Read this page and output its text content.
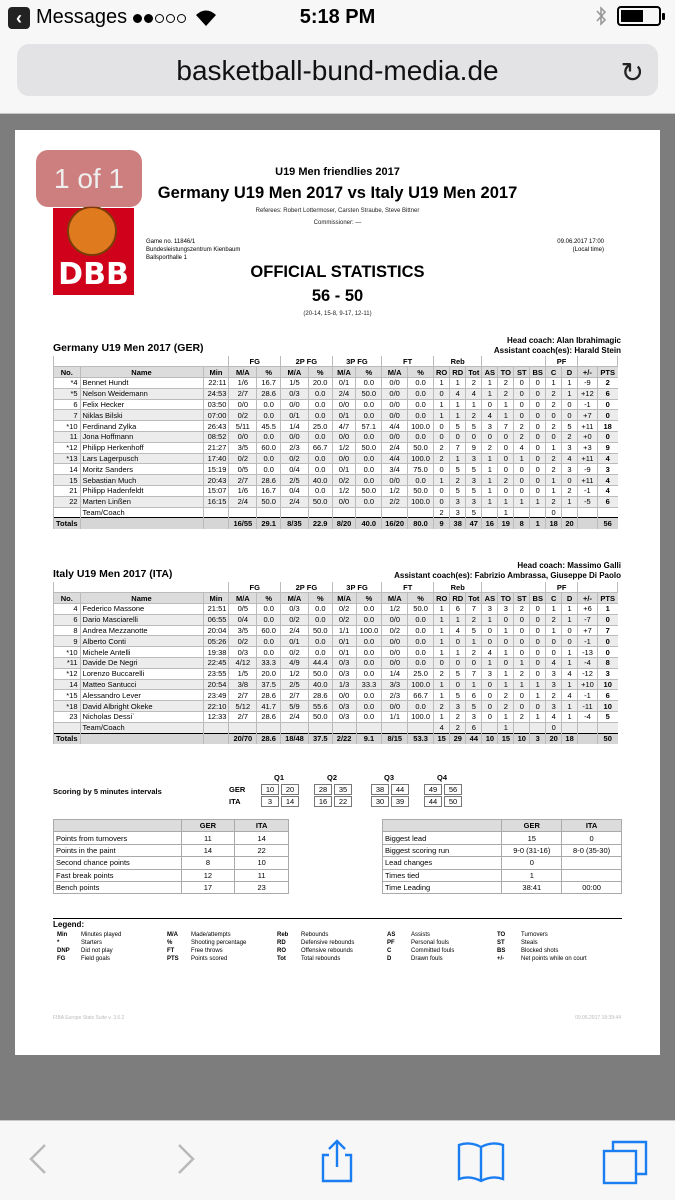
‹ Messages	5:18 PM
basketball-bund-media.de	↻
DBB
1 of 1	U19 Men friendlies 2017
Germany U19 Men 2017 vs Italy U19 Men 2017
Referees: Robert Lottermoser, Carsten Straube, Steve Bittner
Commissioner: —
Game no. 11846/1
Bundesleistungszentrum Kienbaum
Ballsporthalle 1
09.06.2017 17:00
(Local time)
OFFICIAL STATISTICS
56 - 50
(20-14, 15-8, 9-17, 12-11)
Germany U19 Men 2017 (GER)
Head coach: Alan Ibrahimagic
Assistant coach(es): Harald Stein
			FG		2P FG		3P FG		FT		Reb							PF				
No.	Name	Min	M/A	%	M/A	%	M/A	%	M/A	%	RO	RD	Tot	AS	TO	ST	BS	C	D	+/-	PTS	
*4	Bennet Hundt	22:11	1/6	16.7	1/5	20.0	0/1	0.0	0/0	0.0	1	1	2	1	2	0	0	1	1	-9	2	
*5	Nelson Weidemann	24:53	2/7	28.6	0/3	0.0	2/4	50.0	0/0	0.0	0	4	4	1	2	0	0	2	1	+12	6	
6	Felix Hecker	03:50	0/0	0.0	0/0	0.0	0/0	0.0	0/0	0.0	1	1	1	0	1	0	0	2	0	-1	0	
7	Niklas Bilski	07:00	0/2	0.0	0/1	0.0	0/1	0.0	0/0	0.0	1	1	2	4	1	0	0	0	0	+7	0	
*10	Ferdinand Zylka	26:43	5/11	45.5	1/4	25.0	4/7	57.1	4/4	100.0	0	5	5	3	7	2	0	2	5	+11	18	
11	Jona Hoffmann	08:52	0/0	0.0	0/0	0.0	0/0	0.0	0/0	0.0	0	0	0	0	0	2	0	0	2	+0	0	
*12	Philipp Herkenhoff	21:27	3/5	60.0	2/3	66.7	1/2	50.0	2/4	50.0	2	7	9	2	0	4	0	1	3	+3	9	
*13	Lars Lagerpusch	17:40	0/2	0.0	0/2	0.0	0/0	0.0	4/4	100.0	2	1	3	1	0	1	0	2	4	+11	4	
14	Moritz Sanders	15:19	0/5	0.0	0/4	0.0	0/1	0.0	3/4	75.0	0	5	5	1	0	0	0	2	3	-9	3	
15	Sebastian Much	20:43	2/7	28.6	2/5	40.0	0/2	0.0	0/0	0.0	1	2	3	1	2	0	0	1	0	+11	4	
21	Philipp Hadenfeldt	15:07	1/6	16.7	0/4	0.0	1/2	50.0	1/2	50.0	0	5	5	1	0	0	0	1	2	-1	4	
22	Marten Linßen	16:15	2/4	50.0	2/4	50.0	0/0	0.0	2/2	100.0	0	3	3	1	1	1	1	2	1	-5	6	
	Team/Coach										2	3	5		1			0				
Totals			16/55	29.1	8/35	22.9	8/20	40.0	16/20	80.0	9	38	47	16	19	8	1	18	20		56	
Italy U19 Men 2017 (ITA)
Head coach: Massimo Galli
Assistant coach(es): Fabrizio Ambrassa, Giuseppe Di Paolo
			FG		2P FG		3P FG		FT		Reb							PF				
No.	Name	Min	M/A	%	M/A	%	M/A	%	M/A	%	RO	RD	Tot	AS	TO	ST	BS	C	D	+/-	PTS	
4	Federico Massone	21:51	0/5	0.0	0/3	0.0	0/2	0.0	1/2	50.0	1	6	7	3	3	2	0	1	1	+6	1	
6	Dario Masciarelli	06:55	0/4	0.0	0/2	0.0	0/2	0.0	0/0	0.0	1	1	2	1	0	0	0	2	1	-7	0	
8	Andrea Mezzanotte	20:04	3/5	60.0	2/4	50.0	1/1	100.0	0/2	0.0	1	4	5	0	1	0	0	1	0	+7	7	
9	Alberto Conti	05:26	0/2	0.0	0/1	0.0	0/1	0.0	0/0	0.0	1	0	1	0	0	0	0	0	0	-1	0	
*10	Michele Antelli	19:38	0/3	0.0	0/2	0.0	0/1	0.0	0/0	0.0	1	1	2	4	1	0	0	0	1	-13	0	
*11	Davide De Negri	22:45	4/12	33.3	4/9	44.4	0/3	0.0	0/0	0.0	0	0	0	1	0	1	0	4	1	-4	8	
*12	Lorenzo Buccarelli	23:55	1/5	20.0	1/2	50.0	0/3	0.0	1/4	25.0	2	5	7	3	1	2	0	3	4	-12	3	
14	Matteo Santucci	20:54	3/8	37.5	2/5	40.0	1/3	33.3	3/3	100.0	1	0	1	0	1	1	1	3	1	+10	10	
*15	Alessandro Lever	23:49	2/7	28.6	2/7	28.6	0/0	0.0	2/3	66.7	1	5	6	0	2	0	1	2	4	-1	6	
*18	David Albright Okeke	22:10	5/12	41.7	5/9	55.6	0/3	0.0	0/0	0.0	2	3	5	0	2	0	0	3	1	-11	10	
23	Nicholas Dessi`	12:33	2/7	28.6	2/4	50.0	0/3	0.0	1/1	100.0	1	2	3	0	1	2	1	4	1	-4	5	
	Team/Coach										4	2	6		1			0				
Totals			20/70	28.6	18/48	37.5	2/22	9.1	8/15	53.3	15	29	44	10	15	10	3	20	18		50	
Scoring by 5 minutes intervals
Q1	Q2	Q3	Q4
GER	10	20	28	35	38	44	49	56
ITA	3	14	16	22	30	39	44	50
	GER	ITA
Points from turnovers	11	14
Points in the paint	14	22
Second chance points	8	10
Fast break points	12	11
Bench points	17	23
	GER	ITA
Biggest lead	15	0
Biggest scoring run	9-0 (31-16)	8-0 (35-30)
Lead changes	0	
Times tied	1	
Time Leading	38:41	00:00
Legend:
Min	Minutes played	M/A	Made/attempts	Reb	Rebounds	AS	Assists	TO	Turnovers
*	Starters	%	Shooting percentage	RD	Defensive rebounds	PF	Personal fouls	ST	Steals
DNP	Did not play	FT	Free throws	RO	Offensive rebounds	C	Committed fouls	BS	Blocked shots
FG	Field goals	PTS	Points scored	Tot	Total rebounds	D	Drawn fouls	+/-	Net points while on court
FIBA Europe Stats Suite v. 3.6.2	09.06.2017 18:39:44
